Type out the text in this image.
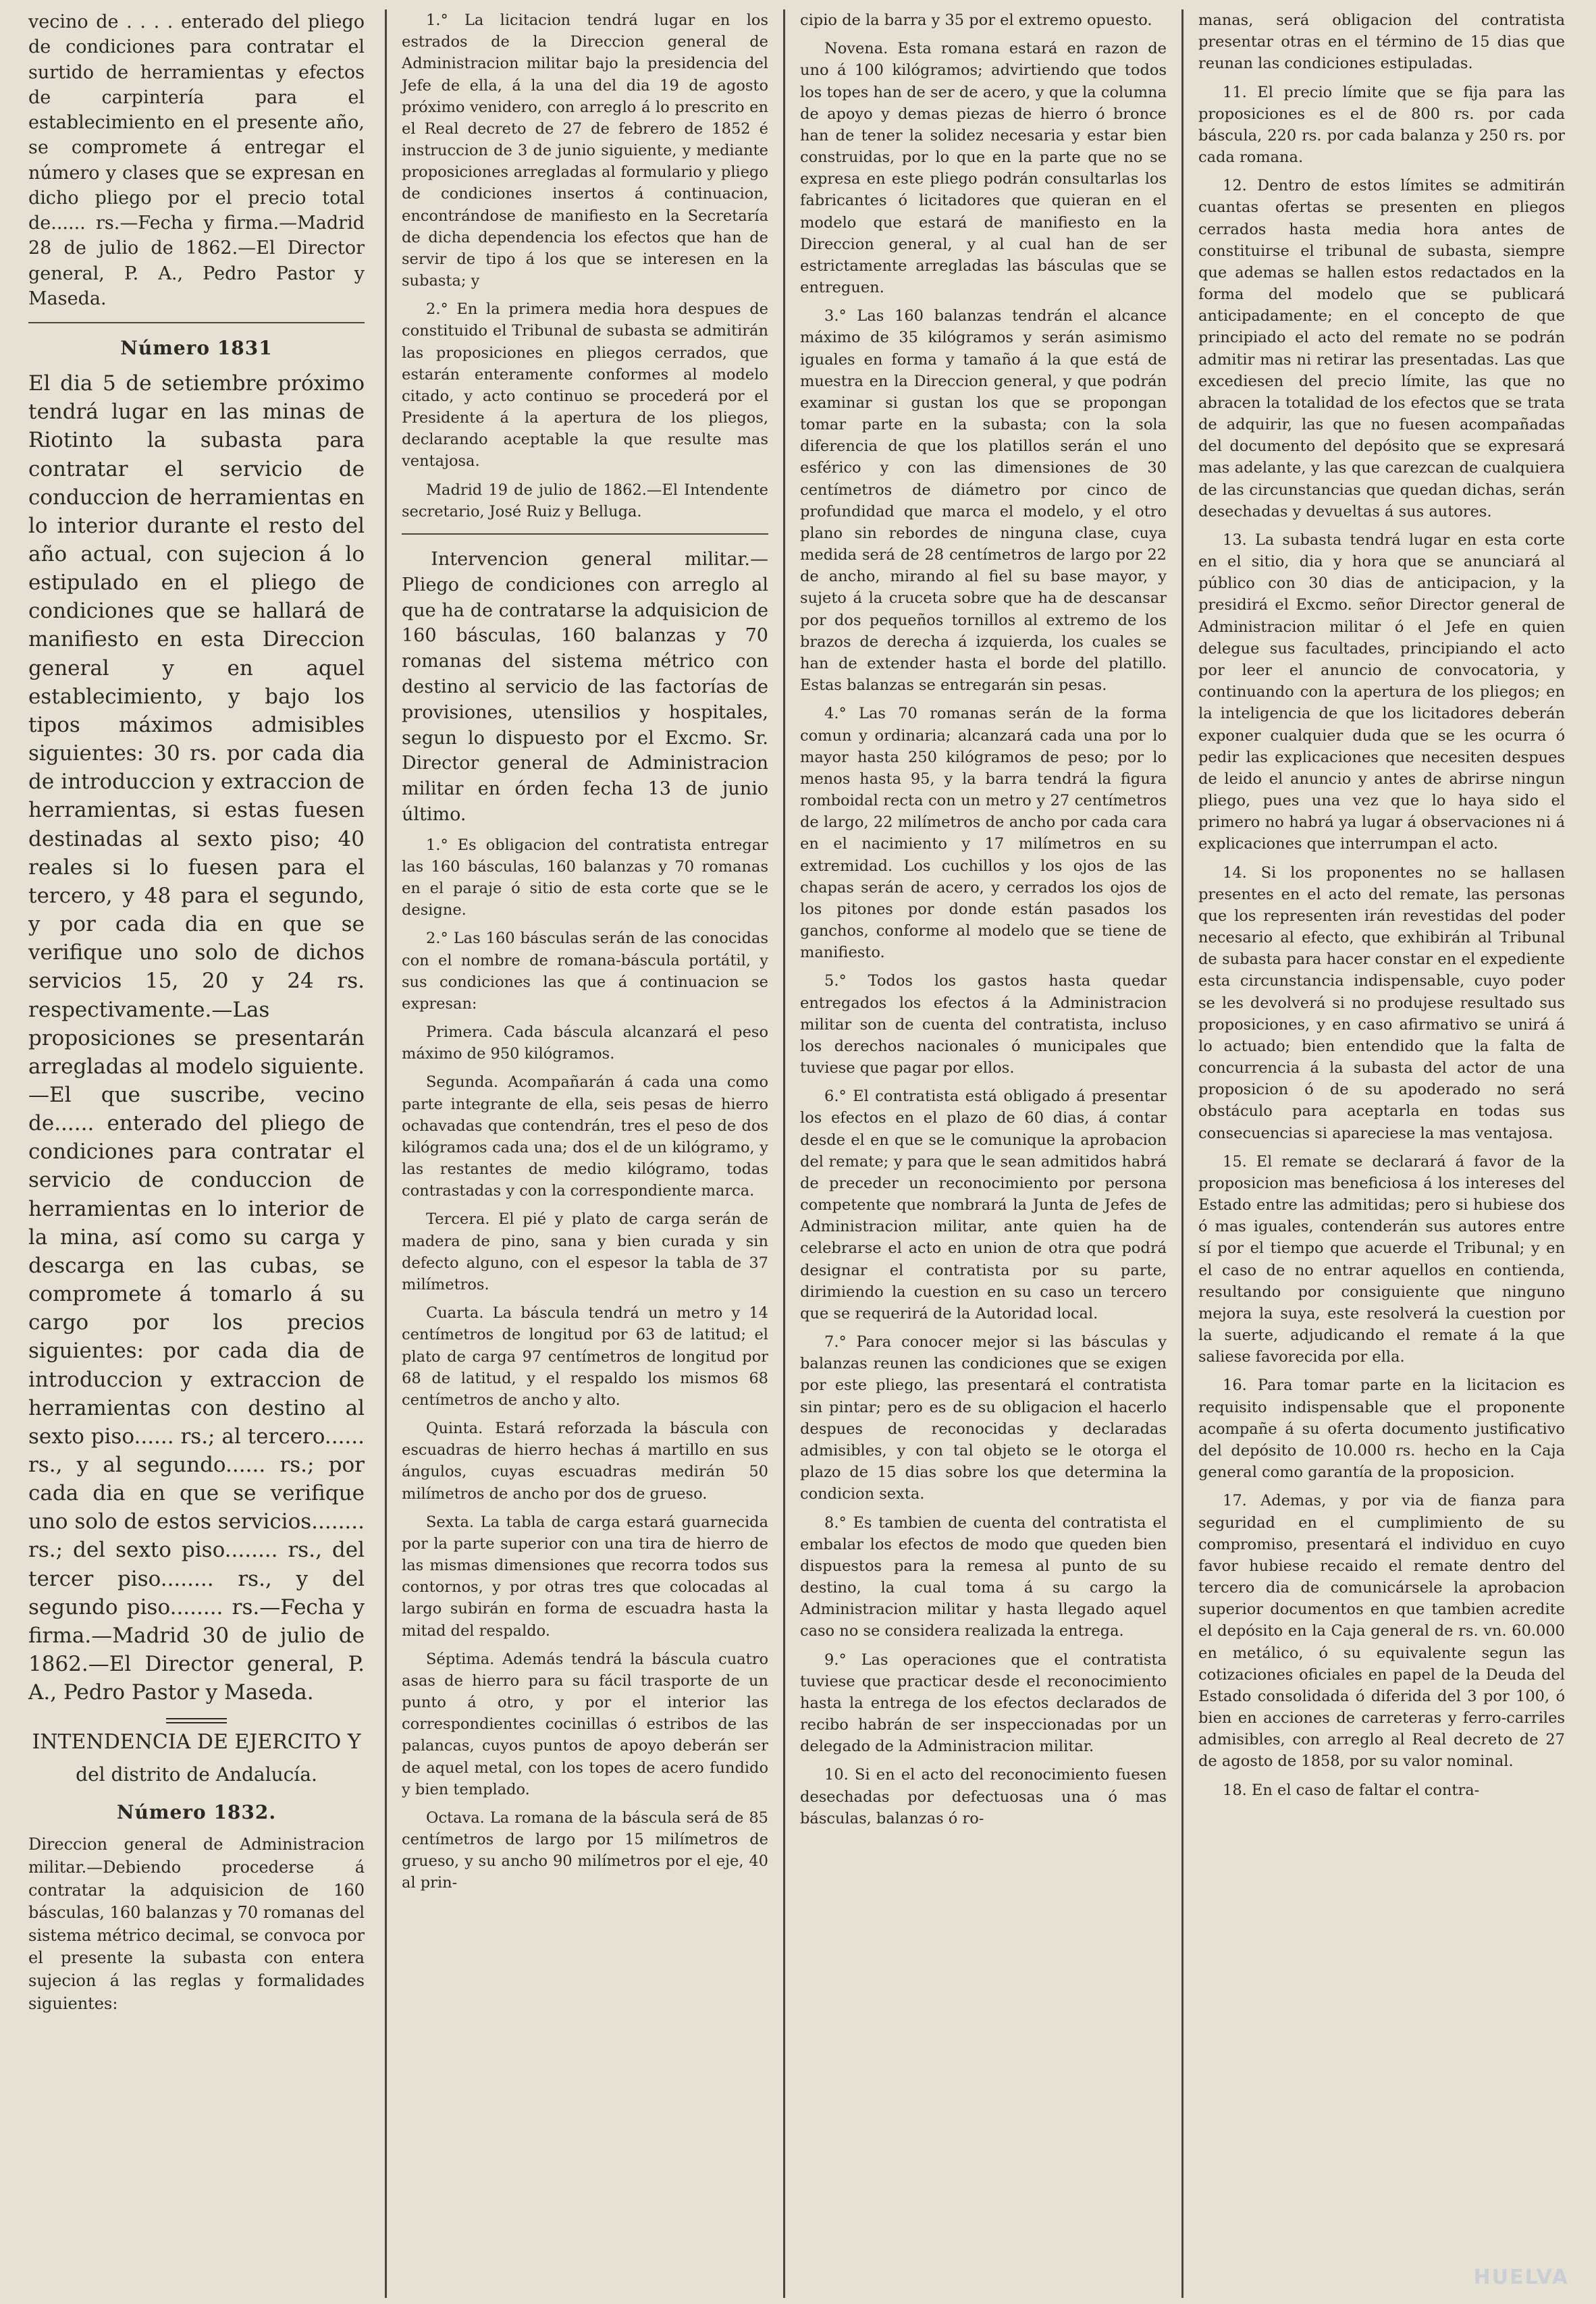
vecino de . . . . enterado del pliego de condiciones para contratar el surtido de herramientas y efectos de carpintería para el establecimiento en el presente año, se compromete á entregar el número y clases que se expresan en dicho pliego por el precio total de...... rs.—Fecha y firma.—Madrid 28 de julio de 1862.—El Director general, P. A., Pedro Pastor y Maseda.

Número 1831

El dia 5 de setiembre próximo tendrá lugar en las minas de Riotinto la subasta para contratar el servicio de conduccion de herramientas en lo interior durante el resto del año actual, con sujecion á lo estipulado en el pliego de condiciones que se hallará de manifiesto en esta Direccion general y en aquel establecimiento, y bajo los tipos máximos admisibles siguientes: 30 rs. por cada dia de introduccion y extraccion de herramientas, si estas fuesen destinadas al sexto piso; 40 reales si lo fuesen para el tercero, y 48 para el segundo, y por cada dia en que se verifique uno solo de dichos servicios 15, 20 y 24 rs. respectivamente.—Las proposiciones se presentarán arregladas al modelo siguiente.—El que suscribe, vecino de...... enterado del pliego de condiciones para contratar el servicio de conduccion de herramientas en lo interior de la mina, así como su carga y descarga en las cubas, se compromete á tomarlo á su cargo por los precios siguientes: por cada dia de introduccion y extraccion de herramientas con destino al sexto piso...... rs.; al tercero...... rs., y al segundo...... rs.; por cada dia en que se verifique uno solo de estos servicios........ rs.; del sexto piso........ rs., del tercer piso........ rs., y del segundo piso........ rs.—Fecha y firma.—Madrid 30 de julio de 1862.—El Director general, P. A., Pedro Pastor y Maseda.

INTENDENCIA DE EJERCITO Y
del distrito de Andalucía.
Número 1832.

Direccion general de Administracion militar.—Debiendo procederse á contratar la adquisicion de 160 básculas, 160 balanzas y 70 romanas del sistema métrico decimal, se convoca por el presente la subasta con entera sujecion á las reglas y formalidades siguientes:

1.° La licitacion tendrá lugar en los estrados de la Direccion general de Administracion militar bajo la presidencia del Jefe de ella, á la una del dia 19 de agosto próximo venidero, con arreglo á lo prescrito en el Real decreto de 27 de febrero de 1852 é instruccion de 3 de junio siguiente, y mediante proposiciones arregladas al formulario y pliego de condiciones insertos á continuacion, encontrándose de manifiesto en la Secretaría de dicha dependencia los efectos que han de servir de tipo á los que se interesen en la subasta; y

2.° En la primera media hora despues de constituido el Tribunal de subasta se admitirán las proposiciones en pliegos cerrados, que estarán enteramente conformes al modelo citado, y acto continuo se procederá por el Presidente á la apertura de los pliegos, declarando aceptable la que resulte mas ventajosa.

Madrid 19 de julio de 1862.—El Intendente secretario, José Ruiz y Belluga.

Intervencion general militar.—Pliego de condiciones con arreglo al que ha de contratarse la adquisicion de 160 básculas, 160 balanzas y 70 romanas del sistema métrico con destino al servicio de las factorías de provisiones, utensilios y hospitales, segun lo dispuesto por el Excmo. Sr. Director general de Administracion militar en órden fecha 13 de junio último.

1.° Es obligacion del contratista entregar las 160 básculas, 160 balanzas y 70 romanas en el paraje ó sitio de esta corte que se le designe.

2.° Las 160 básculas serán de las conocidas con el nombre de romana-báscula portátil, y sus condiciones las que á continuacion se expresan:

Primera. Cada báscula alcanzará el peso máximo de 950 kilógramos.

Segunda. Acompañarán á cada una como parte integrante de ella, seis pesas de hierro ochavadas que contendrán, tres el peso de dos kilógramos cada una; dos el de un kilógramo, y las restantes de medio kilógramo, todas contrastadas y con la correspondiente marca.

Tercera. El pié y plato de carga serán de madera de pino, sana y bien curada y sin defecto alguno, con el espesor la tabla de 37 milímetros.

Cuarta. La báscula tendrá un metro y 14 centímetros de longitud por 63 de latitud; el plato de carga 97 centímetros de longitud por 68 de latitud, y el respaldo los mismos 68 centímetros de ancho y alto.

Quinta. Estará reforzada la báscula con escuadras de hierro hechas á martillo en sus ángulos, cuyas escuadras medirán 50 milímetros de ancho por dos de grueso.

Sexta. La tabla de carga estará guarnecida por la parte superior con una tira de hierro de las mismas dimensiones que recorra todos sus contornos, y por otras tres que colocadas al largo subirán en forma de escuadra hasta la mitad del respaldo.

Séptima. Además tendrá la báscula cuatro asas de hierro para su fácil trasporte de un punto á otro, y por el interior las correspondientes cocinillas ó estribos de las palancas, cuyos puntos de apoyo deberán ser de aquel metal, con los topes de acero fundido y bien templado.

Octava. La romana de la báscula será de 85 centímetros de largo por 15 milímetros de grueso, y su ancho 90 milímetros por el eje, 40 al prin-

cipio de la barra y 35 por el extremo opuesto.

Novena. Esta romana estará en razon de uno á 100 kilógramos; advirtiendo que todos los topes han de ser de acero, y que la columna de apoyo y demas piezas de hierro ó bronce han de tener la solidez necesaria y estar bien construidas, por lo que en la parte que no se expresa en este pliego podrán consultarlas los fabricantes ó licitadores que quieran en el modelo que estará de manifiesto en la Direccion general, y al cual han de ser estrictamente arregladas las básculas que se entreguen.

3.° Las 160 balanzas tendrán el alcance máximo de 35 kilógramos y serán asimismo iguales en forma y tamaño á la que está de muestra en la Direccion general, y que podrán examinar si gustan los que se propongan tomar parte en la subasta; con la sola diferencia de que los platillos serán el uno esférico y con las dimensiones de 30 centímetros de diámetro por cinco de profundidad que marca el modelo, y el otro plano sin rebordes de ninguna clase, cuya medida será de 28 centímetros de largo por 22 de ancho, mirando al fiel su base mayor, y sujeto á la cruceta sobre que ha de descansar por dos pequeños tornillos al extremo de los brazos de derecha á izquierda, los cuales se han de extender hasta el borde del platillo. Estas balanzas se entregarán sin pesas.

4.° Las 70 romanas serán de la forma comun y ordinaria; alcanzará cada una por lo mayor hasta 250 kilógramos de peso; por lo menos hasta 95, y la barra tendrá la figura romboidal recta con un metro y 27 centímetros de largo, 22 milímetros de ancho por cada cara en el nacimiento y 17 milímetros en su extremidad. Los cuchillos y los ojos de las chapas serán de acero, y cerrados los ojos de los pitones por donde están pasados los ganchos, conforme al modelo que se tiene de manifiesto.

5.° Todos los gastos hasta quedar entregados los efectos á la Administracion militar son de cuenta del contratista, incluso los derechos nacionales ó municipales que tuviese que pagar por ellos.

6.° El contratista está obligado á presentar los efectos en el plazo de 60 dias, á contar desde el en que se le comunique la aprobacion del remate; y para que le sean admitidos habrá de preceder un reconocimiento por persona competente que nombrará la Junta de Jefes de Administracion militar, ante quien ha de celebrarse el acto en union de otra que podrá designar el contratista por su parte, dirimiendo la cuestion en su caso un tercero que se requerirá de la Autoridad local.

7.° Para conocer mejor si las básculas y balanzas reunen las condiciones que se exigen por este pliego, las presentará el contratista sin pintar; pero es de su obligacion el hacerlo despues de reconocidas y declaradas admisibles, y con tal objeto se le otorga el plazo de 15 dias sobre los que determina la condicion sexta.

8.° Es tambien de cuenta del contratista el embalar los efectos de modo que queden bien dispuestos para la remesa al punto de su destino, la cual toma á su cargo la Administracion militar y hasta llegado aquel caso no se considera realizada la entrega.

9.° Las operaciones que el contratista tuviese que practicar desde el reconocimiento hasta la entrega de los efectos declarados de recibo habrán de ser inspeccionadas por un delegado de la Administracion militar.

10. Si en el acto del reconocimiento fuesen desechadas por defectuosas una ó mas básculas, balanzas ó ro-

manas, será obligacion del contratista presentar otras en el término de 15 dias que reunan las condiciones estipuladas.

11. El precio límite que se fija para las proposiciones es el de 800 rs. por cada báscula, 220 rs. por cada balanza y 250 rs. por cada romana.

12. Dentro de estos límites se admitirán cuantas ofertas se presenten en pliegos cerrados hasta media hora antes de constituirse el tribunal de subasta, siempre que ademas se hallen estos redactados en la forma del modelo que se publicará anticipadamente; en el concepto de que principiado el acto del remate no se podrán admitir mas ni retirar las presentadas. Las que excediesen del precio límite, las que no abracen la totalidad de los efectos que se trata de adquirir, las que no fuesen acompañadas del documento del depósito que se expresará mas adelante, y las que carezcan de cualquiera de las circunstancias que quedan dichas, serán desechadas y devueltas á sus autores.

13. La subasta tendrá lugar en esta corte en el sitio, dia y hora que se anunciará al público con 30 dias de anticipacion, y la presidirá el Excmo. señor Director general de Administracion militar ó el Jefe en quien delegue sus facultades, principiando el acto por leer el anuncio de convocatoria, y continuando con la apertura de los pliegos; en la inteligencia de que los licitadores deberán exponer cualquier duda que se les ocurra ó pedir las explicaciones que necesiten despues de leido el anuncio y antes de abrirse ningun pliego, pues una vez que lo haya sido el primero no habrá ya lugar á observaciones ni á explicaciones que interrumpan el acto.

14. Si los proponentes no se hallasen presentes en el acto del remate, las personas que los representen irán revestidas del poder necesario al efecto, que exhibirán al Tribunal de subasta para hacer constar en el expediente esta circunstancia indispensable, cuyo poder se les devolverá si no produjese resultado sus proposiciones, y en caso afirmativo se unirá á lo actuado; bien entendido que la falta de concurrencia á la subasta del actor de una proposicion ó de su apoderado no será obstáculo para aceptarla en todas sus consecuencias si apareciese la mas ventajosa.

15. El remate se declarará á favor de la proposicion mas beneficiosa á los intereses del Estado entre las admitidas; pero si hubiese dos ó mas iguales, contenderán sus autores entre sí por el tiempo que acuerde el Tribunal; y en el caso de no entrar aquellos en contienda, resultando por consiguiente que ninguno mejora la suya, este resolverá la cuestion por la suerte, adjudicando el remate á la que saliese favorecida por ella.

16. Para tomar parte en la licitacion es requisito indispensable que el proponente acompañe á su oferta documento justificativo del depósito de 10.000 rs. hecho en la Caja general como garantía de la proposicion.

17. Ademas, y por via de fianza para seguridad en el cumplimiento de su compromiso, presentará el individuo en cuyo favor hubiese recaido el remate dentro del tercero dia de comunicársele la aprobacion superior documentos en que tambien acredite el depósito en la Caja general de rs. vn. 60.000 en metálico, ó su equivalente segun las cotizaciones oficiales en papel de la Deuda del Estado consolidada ó diferida del 3 por 100, ó bien en acciones de carreteras y ferro-carriles admisibles, con arreglo al Real decreto de 27 de agosto de 1858, por su valor nominal.

18. En el caso de faltar el contra-

HUELVA
